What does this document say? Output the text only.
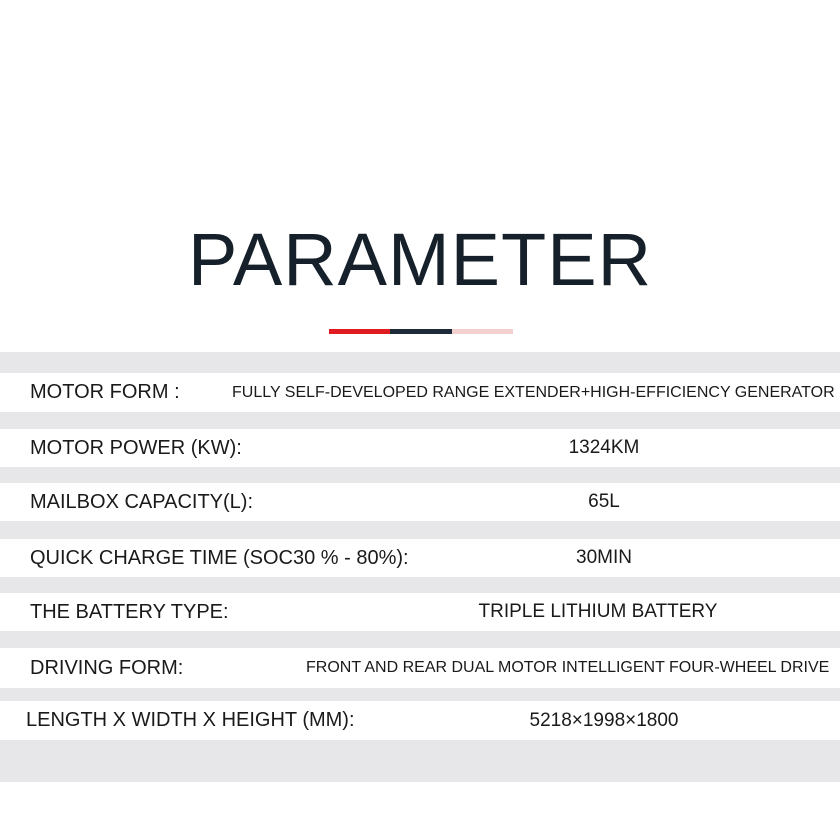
PARAMETER
MOTOR FORM :	FULLY SELF-DEVELOPED RANGE EXTENDER+HIGH-EFFICIENCY GENERATOR
MOTOR POWER (KW):	1324KM
MAILBOX CAPACITY(L):	65L
QUICK CHARGE TIME (SOC30 % - 80%):	30MIN
THE BATTERY TYPE:	TRIPLE LITHIUM BATTERY
DRIVING FORM:	FRONT AND REAR DUAL MOTOR INTELLIGENT FOUR-WHEEL DRIVE
LENGTH X WIDTH X HEIGHT (MM):	5218×1998×1800
